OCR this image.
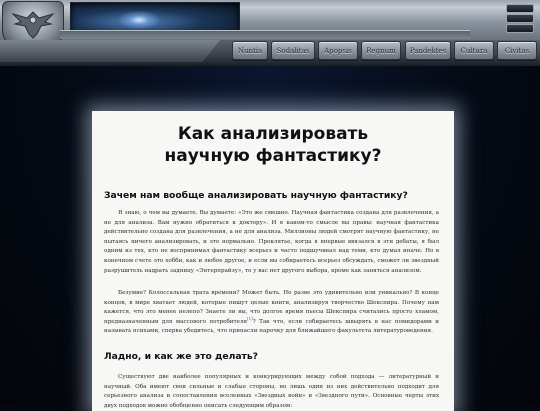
Nuntia	Sodalitas	Apopsis	Regnum	Pandektes	Cultura	Civitas
Как анализировать научную фантастику?
Зачем нам вообще анализировать научную фантастику?
Я знаю, о чем вы думаете. Вы думаете: «Это же смешно. Научная фантастика создана для развлечения, а не для анализа. Вам нужно обратиться к доктору». И в каком-то смысле вы правы: научная фантастика действительно создана для развлечения, а не для анализа. Миллионы людей смотрят научную фантастику, не пытаясь ничего анализировать, и это нормально. Проклятье, когда я впервые ввязался в эти дебаты, я был одним из тех, кто не воспринимал фантастику всерьез и часто подшучивал над теми, кто думал иначе. Но в конечном счете это хобби, как и любое другое, и если вы собираетесь всерьез обсуждать, сможет ли звездный разрушитель надрать задницу «Энтерпрайзу», то у вас нет другого выбора, кроме как заняться анализом.
Безумие? Колоссальная трата времени? Может быть. Но разве это удивительно или уникально? В конце концов, в мире хватает людей, которые пишут целые книги, анализируя творчество Шекспира. Почему нам кажется, что это менее нелепо? Знаете ли вы, что долгое время пьесы Шекспира считались просто хламом, предназначенным для массового потребителя[1]? Так что, если собираетесь швырять в нас помидорами и называть психами, сперва убедитесь, что припасли парочку для ближайшего факультета литературоведения.
Ладно, и как же это делать?
Существуют две наиболее популярных и конкурирующих между собой подхода — литературный и научный. Оба имеют свои сильные и слабые стороны, но лишь один из них действительно подходит для серьезного анализа и сопоставления вселенных «Звездных войн» и «Звездного пути». Основные черты этих двух подходов можно обобщенно описать следующим образом:
